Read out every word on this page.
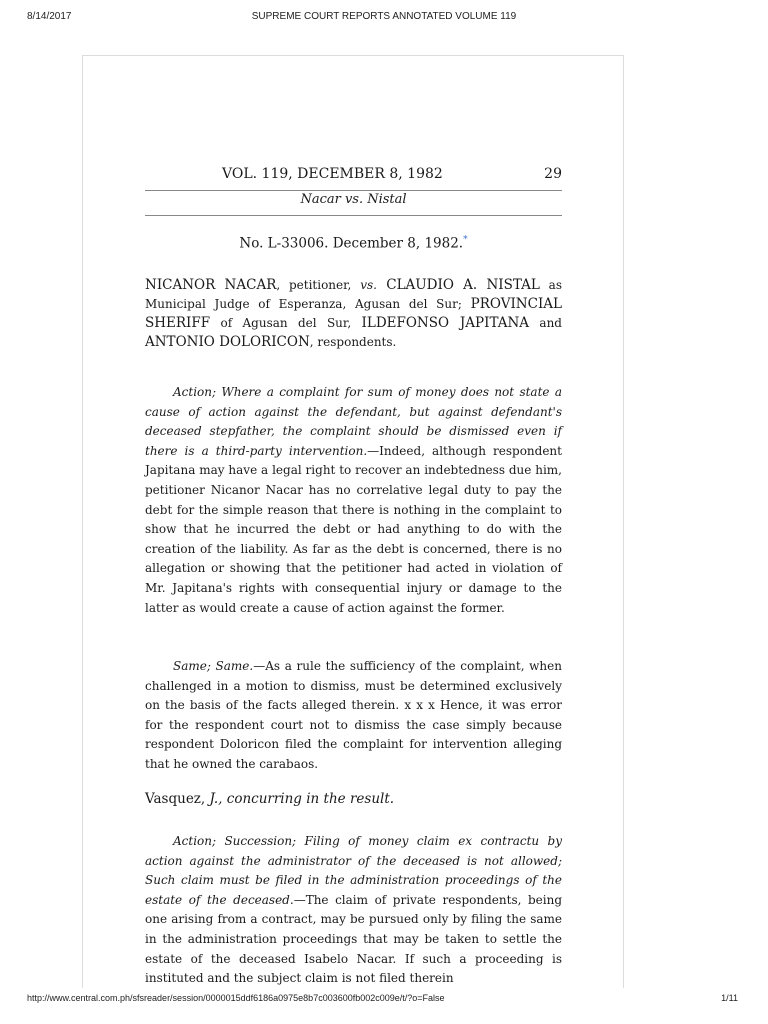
8/14/2017	SUPREME COURT REPORTS ANNOTATED VOLUME 119
VOL. 119, DECEMBER 8, 1982	29
Nacar vs. Nistal
No. L-33006. December 8, 1982.*
NICANOR NACAR, petitioner, vs. CLAUDIO A. NISTAL as Municipal Judge of Esperanza, Agusan del Sur; PROVINCIAL SHERIFF of Agusan del Sur, ILDEFONSO JAPITANA and ANTONIO DOLORICON, respondents.
Action; Where a complaint for sum of money does not state a cause of action against the defendant, but against defendant's deceased stepfather, the complaint should be dismissed even if there is a third-party intervention.—Indeed, although respondent Japitana may have a legal right to recover an indebtedness due him, petitioner Nicanor Nacar has no correlative legal duty to pay the debt for the simple reason that there is nothing in the complaint to show that he incurred the debt or had anything to do with the creation of the liability. As far as the debt is concerned, there is no allegation or showing that the petitioner had acted in violation of Mr. Japitana's rights with consequential injury or damage to the latter as would create a cause of action against the former.
Same; Same.—As a rule the sufficiency of the complaint, when challenged in a motion to dismiss, must be determined exclusively on the basis of the facts alleged therein. x x x Hence, it was error for the respondent court not to dismiss the case simply because respondent Doloricon filed the complaint for intervention alleging that he owned the carabaos.
Vasquez, J., concurring in the result.
Action; Succession; Filing of money claim ex contractu by action against the administrator of the deceased is not allowed; Such claim must be filed in the administration proceedings of the estate of the deceased.—The claim of private respondents, being one arising from a contract, may be pursued only by filing the same in the administration proceedings that may be taken to settle the estate of the deceased Isabelo Nacar. If such a proceeding is instituted and the subject claim is not filed therein
http://www.central.com.ph/sfsreader/session/0000015ddf6186a0975e8b7c003600fb002c009e/t/?o=False	1/11
